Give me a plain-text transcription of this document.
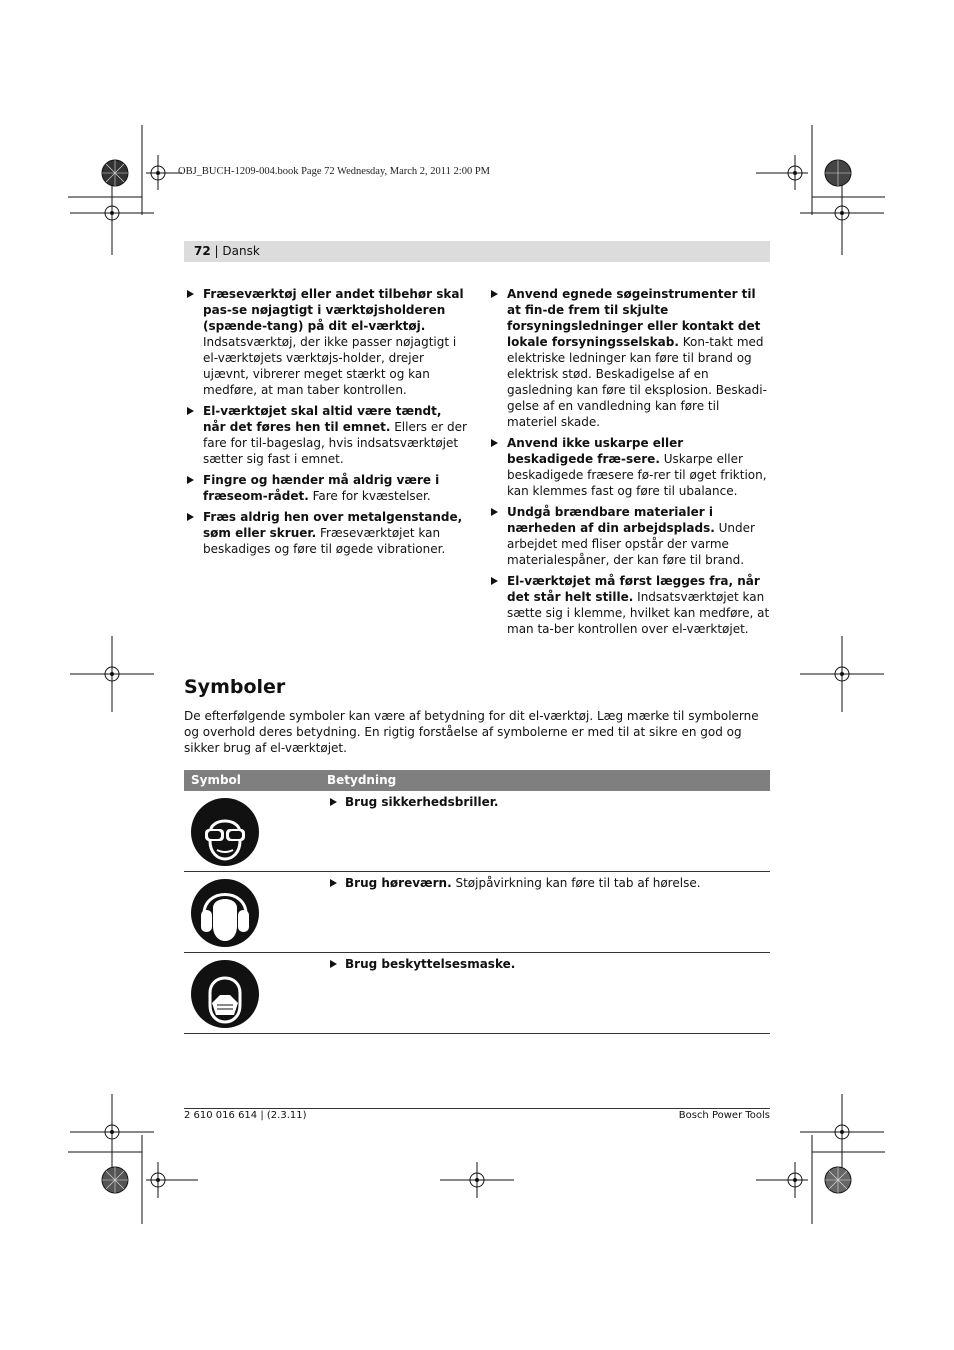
OBJ_BUCH-1209-004.book Page 72 Wednesday, March 2, 2011 2:00 PM
72 | Dansk
Fræseværktøj eller andet tilbehør skal pas-se nøjagtigt i værktøjsholderen (spænde-tang) på dit el-værktøj. Indsatsværktøj, der ikke passer nøjagtigt i el-værktøjets værktøjs-holder, drejer ujævnt, vibrerer meget stærkt og kan medføre, at man taber kontrollen.
El-værktøjet skal altid være tændt, når det føres hen til emnet. Ellers er der fare for til-bageslag, hvis indsatsværktøjet sætter sig fast i emnet.
Fingre og hænder må aldrig være i fræseom-rådet. Fare for kvæstelser.
Fræs aldrig hen over metalgenstande, søm eller skruer. Fræseværktøjet kan beskadiges og føre til øgede vibrationer.
Anvend egnede søgeinstrumenter til at fin-de frem til skjulte forsyningsledninger eller kontakt det lokale forsyningsselskab. Kon-takt med elektriske ledninger kan føre til brand og elektrisk stød. Beskadigelse af en gasledning kan føre til eksplosion. Beskadi-gelse af en vandledning kan føre til materiel skade.
Anvend ikke uskarpe eller beskadigede fræ-sere. Uskarpe eller beskadigede fræsere fø-rer til øget friktion, kan klemmes fast og føre til ubalance.
Undgå brændbare materialer i nærheden af din arbejdsplads. Under arbejdet med fliser opstår der varme materialespåner, der kan føre til brand.
El-værktøjet må først lægges fra, når det står helt stille. Indsatsværktøjet kan sætte sig i klemme, hvilket kan medføre, at man ta-ber kontrollen over el-værktøjet.
Symboler
De efterfølgende symboler kan være af betydning for dit el-værktøj. Læg mærke til symbolerne og overhold deres betydning. En rigtig forståelse af symbolerne er med til at sikre en god og sikker brug af el-værktøjet.
Symbol	Betydning
Brug sikkerhedsbriller.
Brug høreværn. Støjpåvirkning kan føre til tab af hørelse.
Brug beskyttelsesmaske.
2 610 016 614 | (2.3.11)	Bosch Power Tools
